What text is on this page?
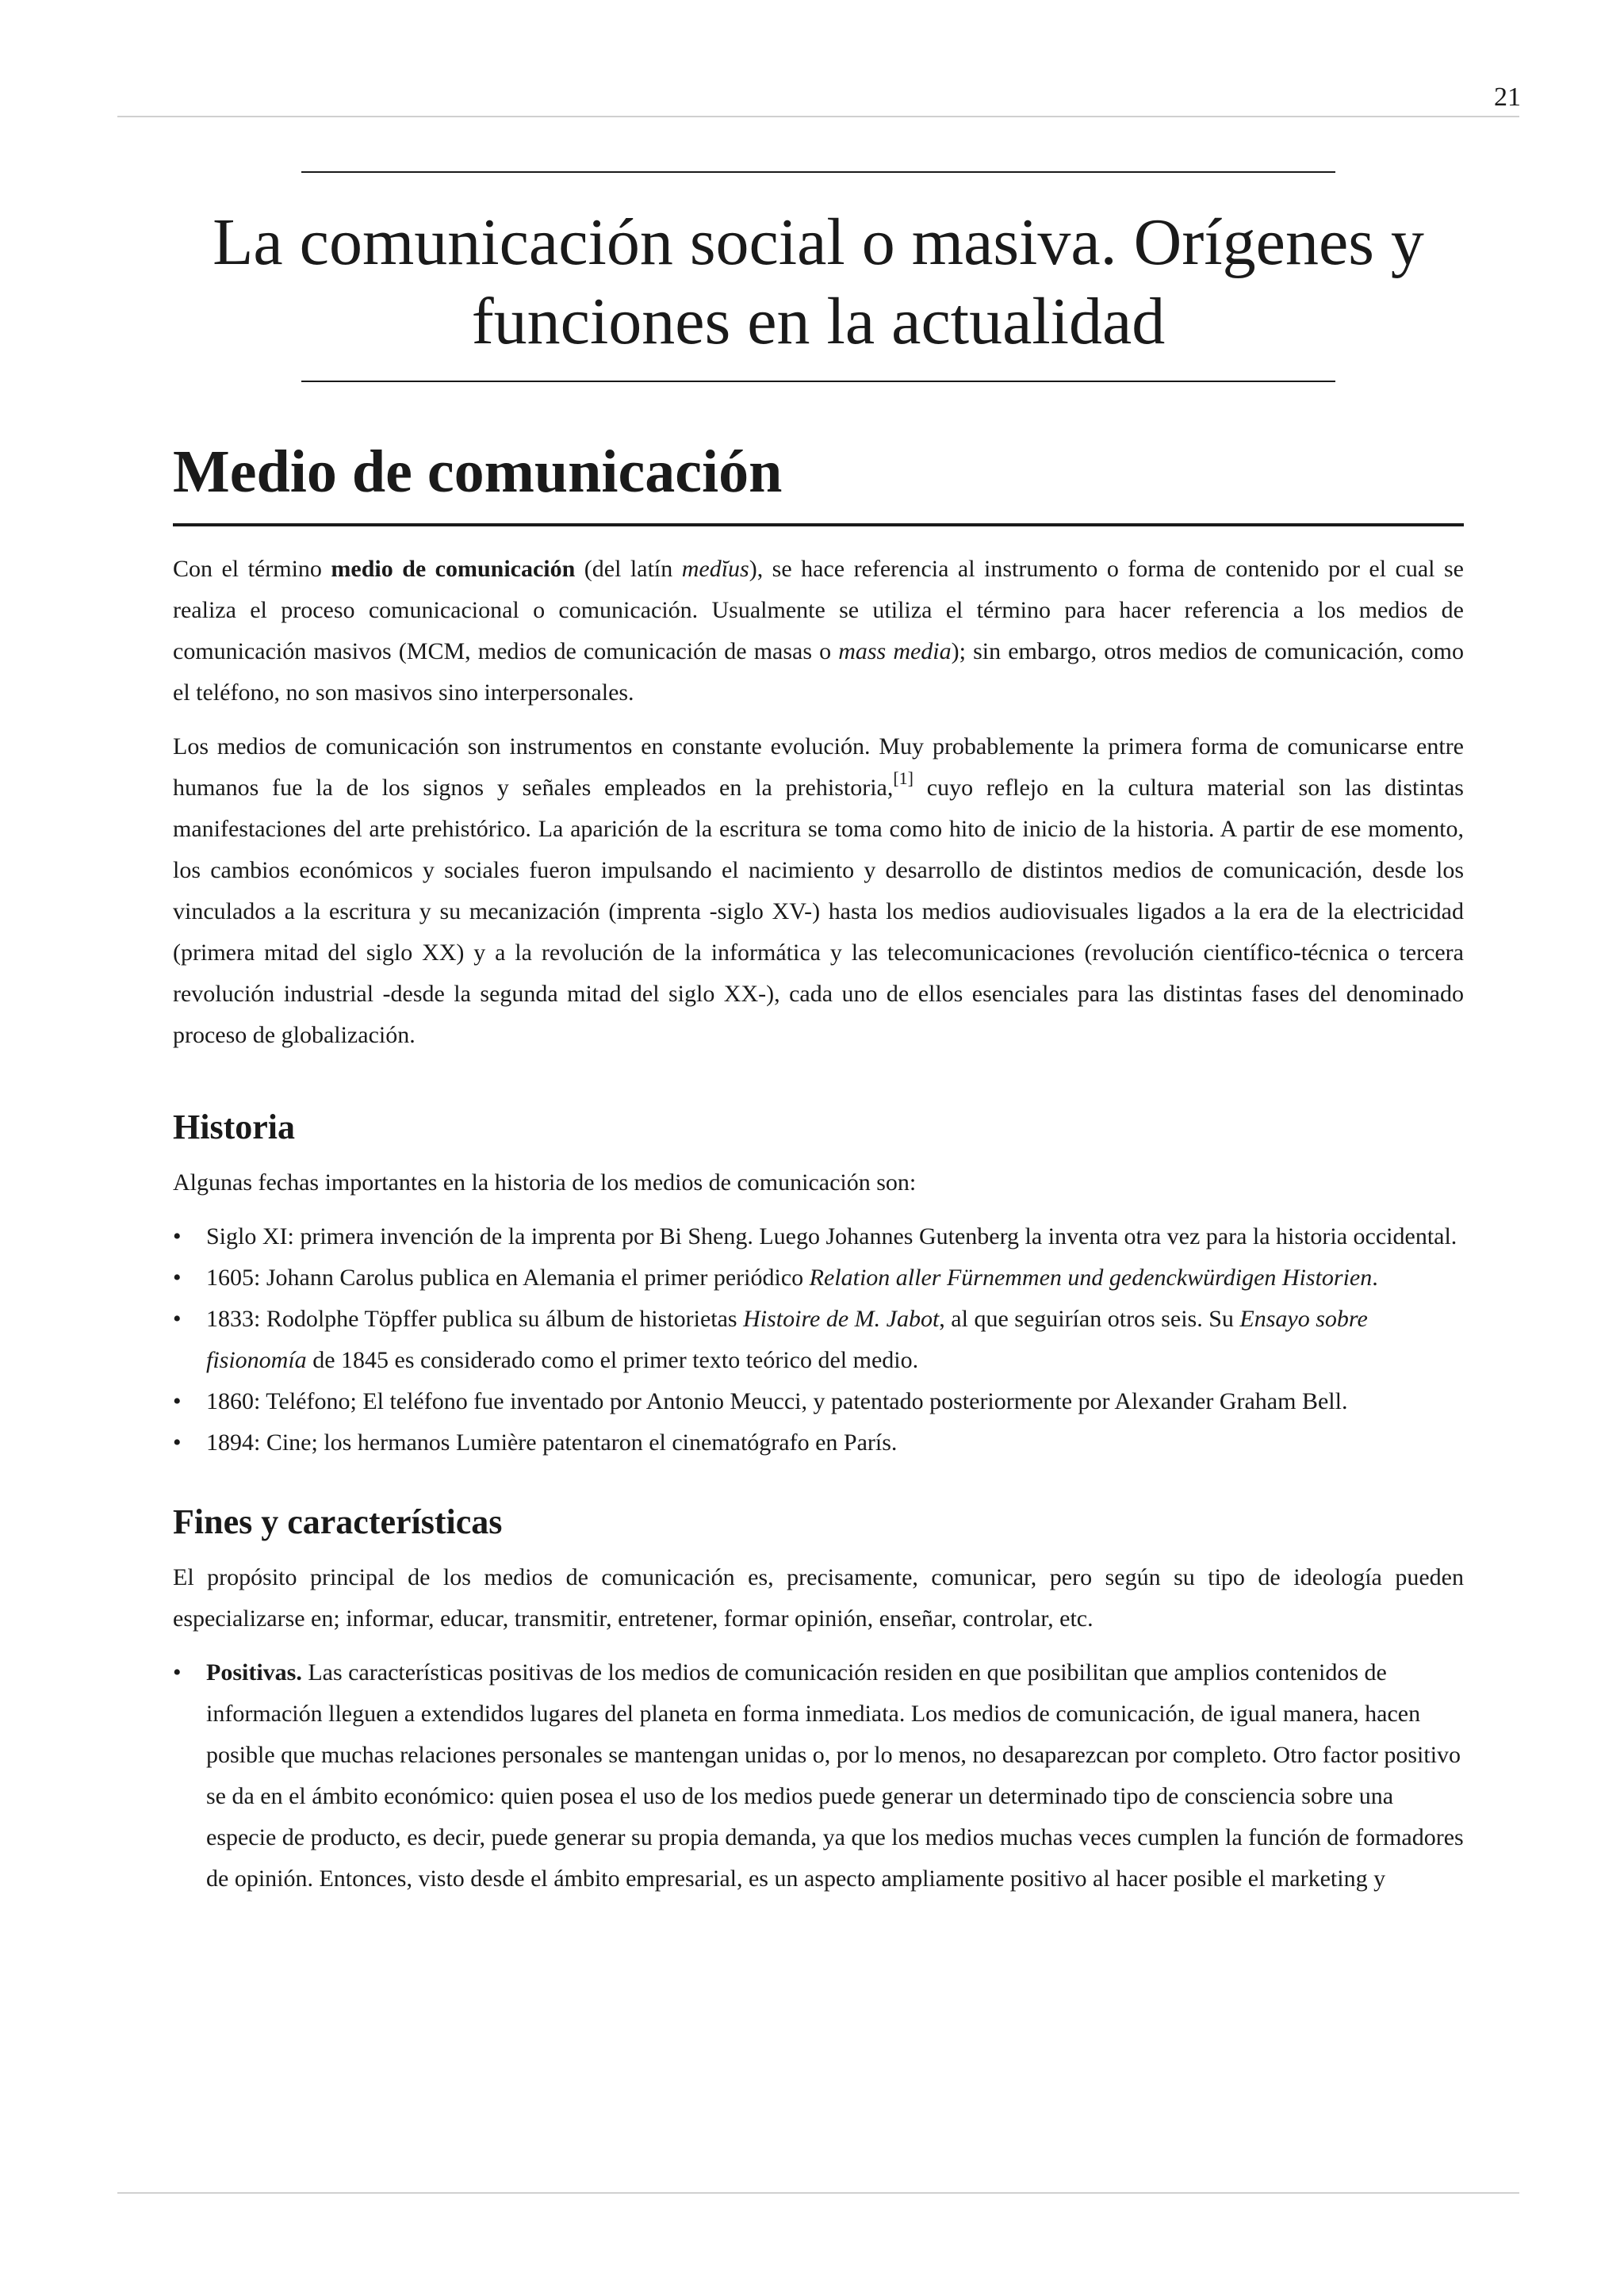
21
La comunicación social o masiva. Orígenes y funciones en la actualidad
Medio de comunicación

Con el término medio de comunicación (del latín medĭus), se hace referencia al instrumento o forma de contenido por el cual se realiza el proceso comunicacional o comunicación. Usualmente se utiliza el término para hacer referencia a los medios de comunicación masivos (MCM, medios de comunicación de masas o mass media); sin embargo, otros medios de comunicación, como el teléfono, no son masivos sino interpersonales.

Los medios de comunicación son instrumentos en constante evolución. Muy probablemente la primera forma de comunicarse entre humanos fue la de los signos y señales empleados en la prehistoria,[1] cuyo reflejo en la cultura material son las distintas manifestaciones del arte prehistórico. La aparición de la escritura se toma como hito de inicio de la historia. A partir de ese momento, los cambios económicos y sociales fueron impulsando el nacimiento y desarrollo de distintos medios de comunicación, desde los vinculados a la escritura y su mecanización (imprenta -siglo XV-) hasta los medios audiovisuales ligados a la era de la electricidad (primera mitad del siglo XX) y a la revolución de la informática y las telecomunicaciones (revolución científico-técnica o tercera revolución industrial -desde la segunda mitad del siglo XX-), cada uno de ellos esenciales para las distintas fases del denominado proceso de globalización.

Historia

Algunas fechas importantes en la historia de los medios de comunicación son:

• Siglo XI: primera invención de la imprenta por Bi Sheng. Luego Johannes Gutenberg la inventa otra vez para la historia occidental.
• 1605: Johann Carolus publica en Alemania el primer periódico Relation aller Fürnemmen und gedenckwürdigen Historien.
• 1833: Rodolphe Töpffer publica su álbum de historietas Histoire de M. Jabot, al que seguirían otros seis. Su Ensayo sobre fisionomía de 1845 es considerado como el primer texto teórico del medio.
• 1860: Teléfono; El teléfono fue inventado por Antonio Meucci, y patentado posteriormente por Alexander Graham Bell.
• 1894: Cine; los hermanos Lumière patentaron el cinematógrafo en París.
Fines y características

El propósito principal de los medios de comunicación es, precisamente, comunicar, pero según su tipo de ideología pueden especializarse en; informar, educar, transmitir, entretener, formar opinión, enseñar, controlar, etc.

• Positivas. Las características positivas de los medios de comunicación residen en que posibilitan que amplios contenidos de información lleguen a extendidos lugares del planeta en forma inmediata. Los medios de comunicación, de igual manera, hacen posible que muchas relaciones personales se mantengan unidas o, por lo menos, no desaparezcan por completo. Otro factor positivo se da en el ámbito económico: quien posea el uso de los medios puede generar un determinado tipo de consciencia sobre una especie de producto, es decir, puede generar su propia demanda, ya que los medios muchas veces cumplen la función de formadores de opinión. Entonces, visto desde el ámbito empresarial, es un aspecto ampliamente positivo al hacer posible el marketing y
